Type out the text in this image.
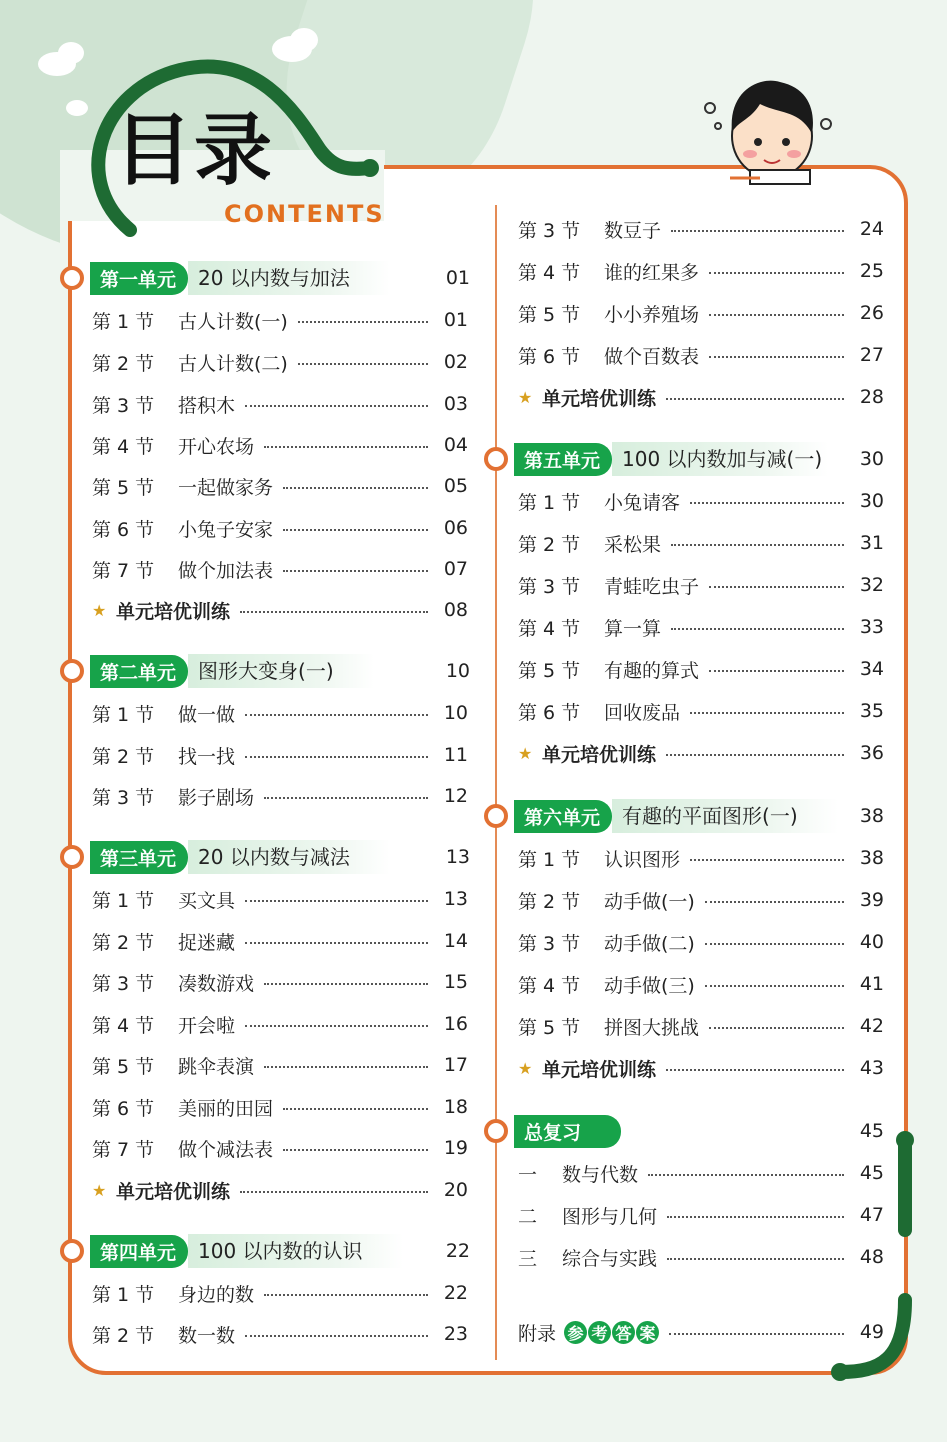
目录
CONTENTS
第一单元	20 以内数与加法	01
第 1 节	古人计数(一)	01
第 2 节	古人计数(二)	02
第 3 节	搭积木	03
第 4 节	开心农场	04
第 5 节	一起做家务	05
第 6 节	小兔子安家	06
第 7 节	做个加法表	07
★ 单元培优训练	08
第二单元	图形大变身(一)	10
第 1 节	做一做	10
第 2 节	找一找	11
第 3 节	影子剧场	12
第三单元	20 以内数与减法	13
第 1 节	买文具	13
第 2 节	捉迷藏	14
第 3 节	凑数游戏	15
第 4 节	开会啦	16
第 5 节	跳伞表演	17
第 6 节	美丽的田园	18
第 7 节	做个减法表	19
★ 单元培优训练	20
第四单元	100 以内数的认识	22
第 1 节	身边的数	22
第 2 节	数一数	23
第 3 节	数豆子	24
第 4 节	谁的红果多	25
第 5 节	小小养殖场	26
第 6 节	做个百数表	27
★ 单元培优训练	28
第五单元	100 以内数加与减(一)	30
第 1 节	小兔请客	30
第 2 节	采松果	31
第 3 节	青蛙吃虫子	32
第 4 节	算一算	33
第 5 节	有趣的算式	34
第 6 节	回收废品	35
★ 单元培优训练	36
第六单元	有趣的平面图形(一)	38
第 1 节	认识图形	38
第 2 节	动手做(一)	39
第 3 节	动手做(二)	40
第 4 节	动手做(三)	41
第 5 节	拼图大挑战	42
★ 单元培优训练	43
总复习	45
一	数与代数	45
二	图形与几何	47
三	综合与实践	48
附录 参 考 答 案	49
